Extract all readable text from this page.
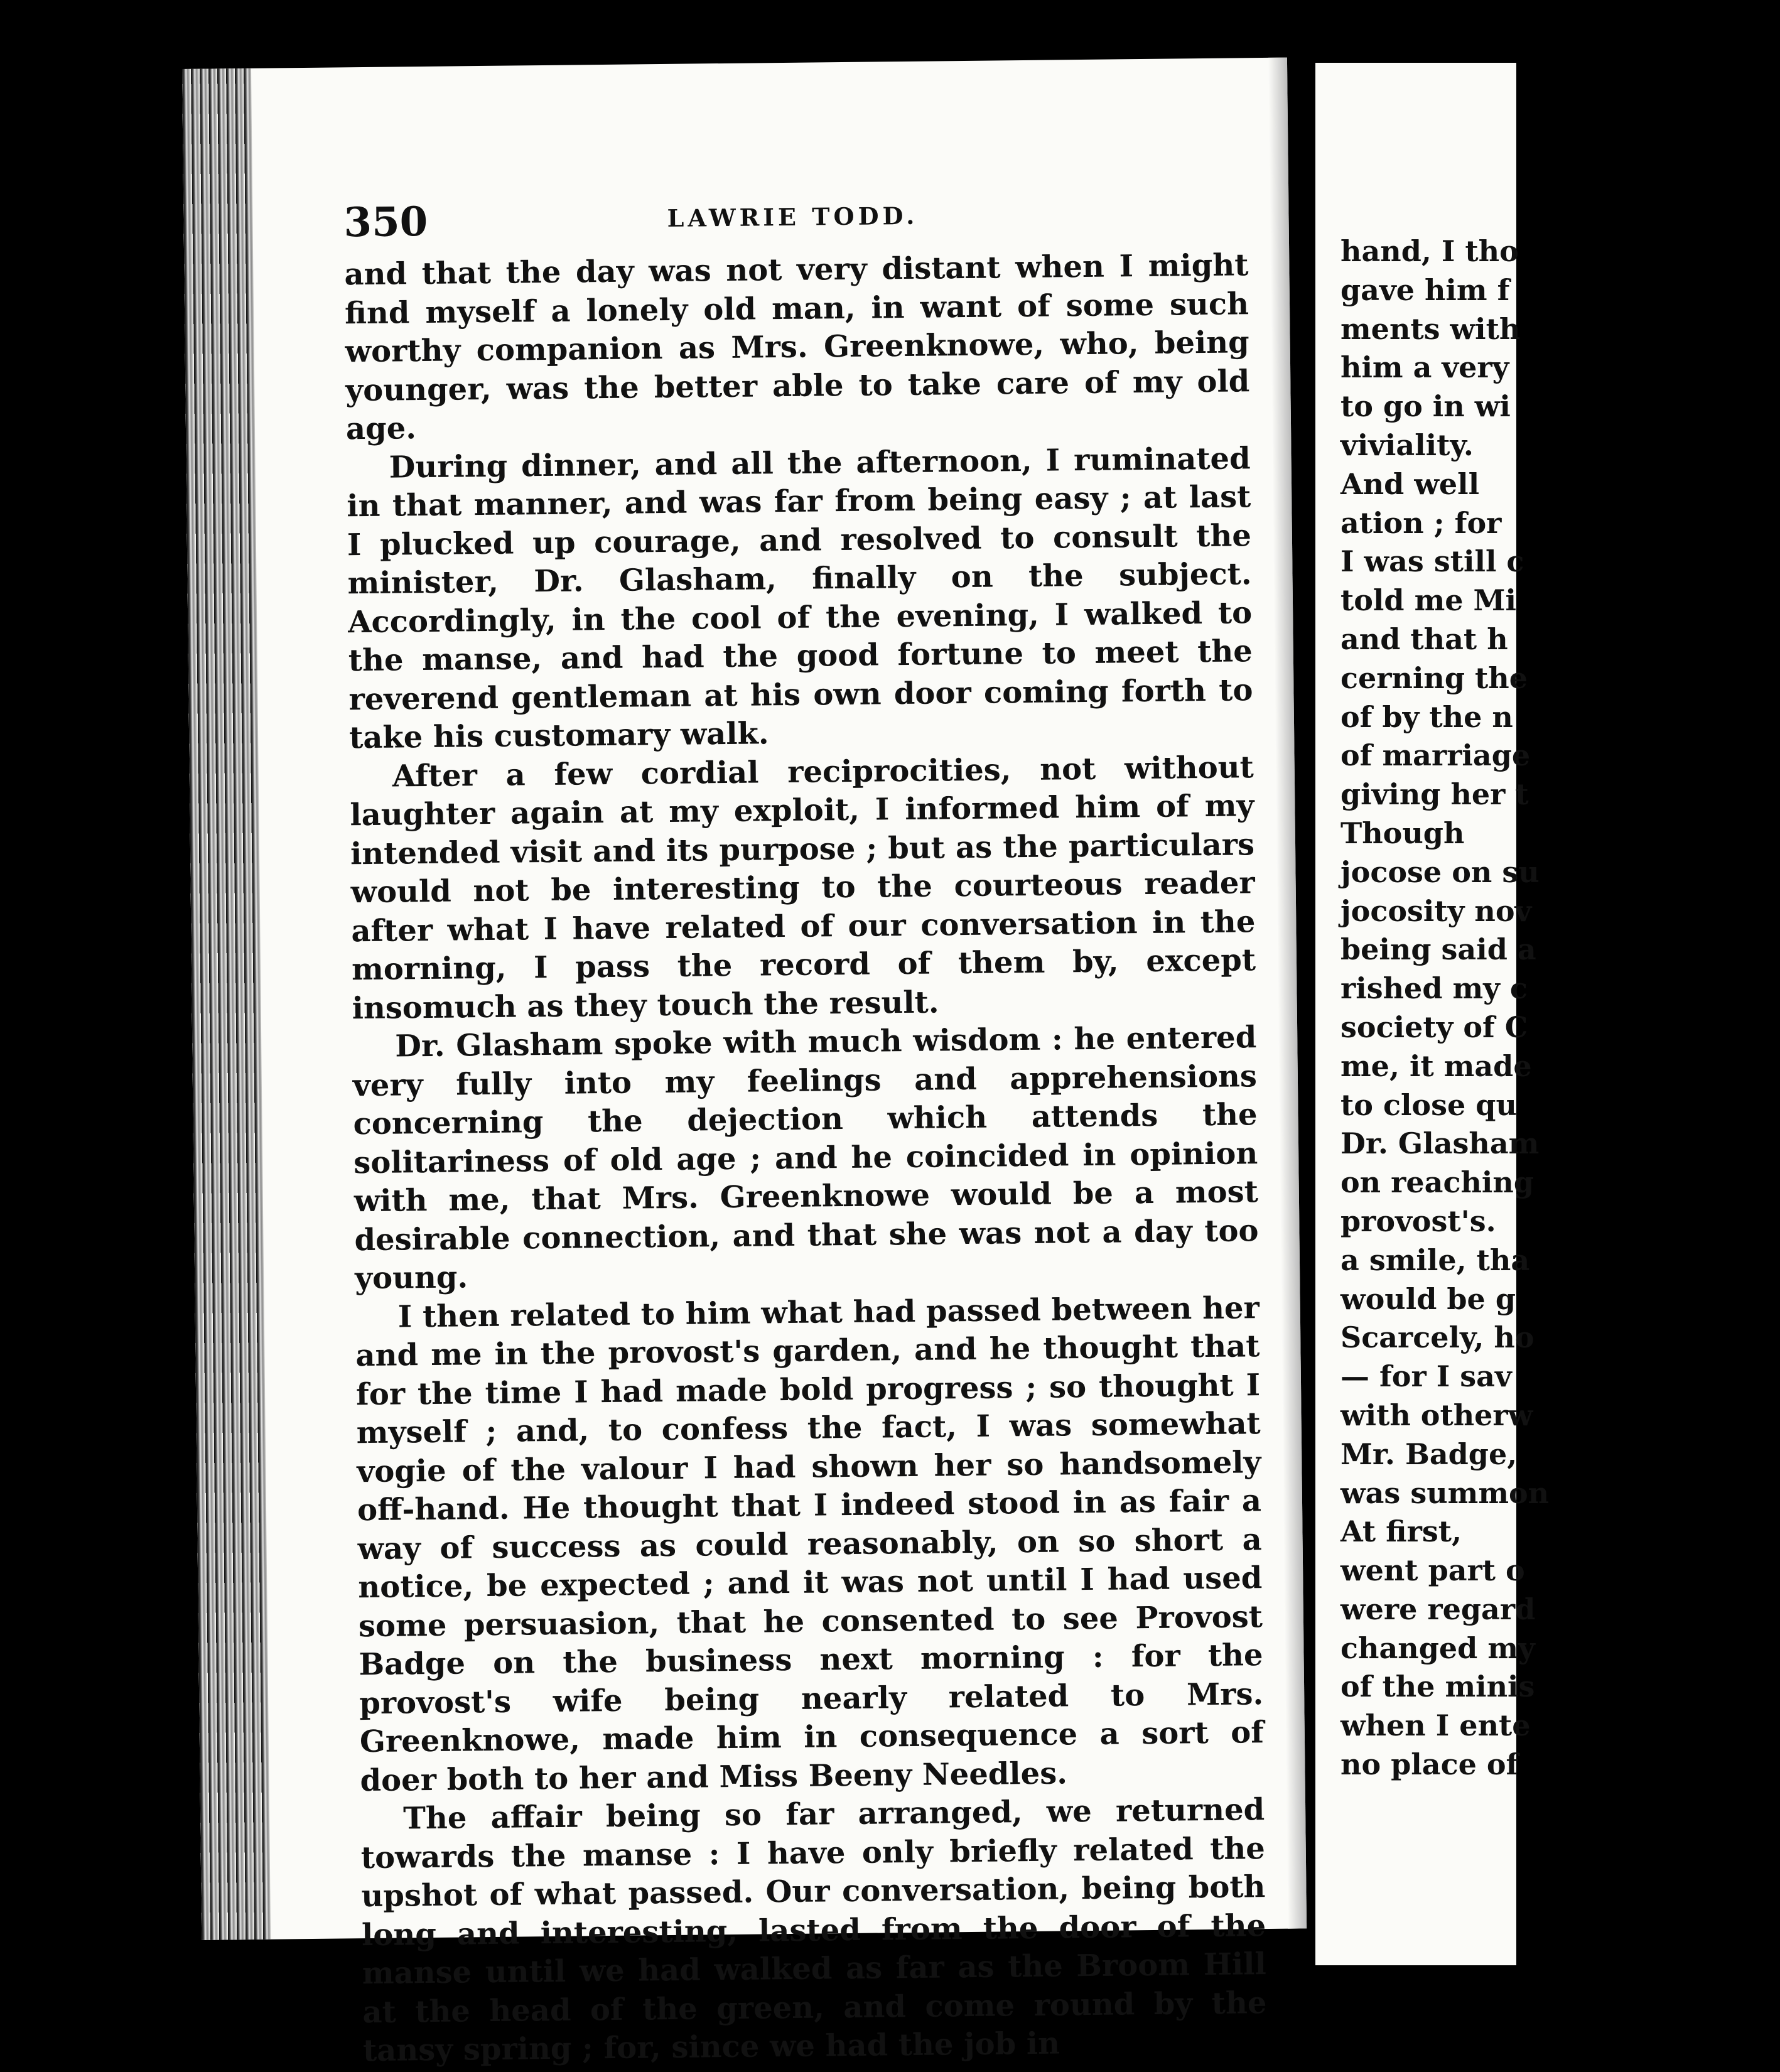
350	LAWRIE TODD.

and that the day was not very distant when I might find myself a lonely old man, in want of some such worthy companion as Mrs. Greenknowe, who, being younger, was the better able to take care of my old age.

During dinner, and all the afternoon, I ruminated in that manner, and was far from being easy ; at last I plucked up courage, and resolved to consult the minister, Dr. Glasham, finally on the subject. Accordingly, in the cool of the evening, I walked to the manse, and had the good fortune to meet the reverend gentleman at his own door coming forth to take his customary walk.

After a few cordial reciprocities, not without laughter again at my exploit, I informed him of my intended visit and its purpose ; but as the particulars would not be interesting to the courteous reader after what I have related of our conversation in the morning, I pass the record of them by, except insomuch as they touch the result.

Dr. Glasham spoke with much wisdom : he entered very fully into my feelings and apprehensions concerning the dejection which attends the solitariness of old age ; and he coincided in opinion with me, that Mrs. Greenknowe would be a most desirable connection, and that she was not a day too young.

I then related to him what had passed between her and me in the provost's garden, and he thought that for the time I had made bold progress ; so thought I myself ; and, to confess the fact, I was somewhat vogie of the valour I had shown her so handsomely off-hand. He thought that I indeed stood in as fair a way of success as could reasonably, on so short a notice, be expected ; and it was not until I had used some persuasion, that he consented to see Provost Badge on the business next morning : for the provost's wife being nearly related to Mrs. Greenknowe, made him in consequence a sort of doer both to her and Miss Beeny Needles.

The affair being so far arranged, we returned towards the manse : I have only briefly related the upshot of what passed. Our conversation, being both long and interesting, lasted from the door of the manse until we had walked as far as the Broom Hill at the head of the green, and come round by the tansy spring ; for, since we had the job in

hand, I tho
gave him f
ments with
him a very
to go in wi
viviality.
And well
ation ; for
I was still c
told me Mi
and that h
cerning the
of by the n
of marriage
giving her t
Though
jocose on su
jocosity nov
being said a
rished my c
society of C
me, it made
to close qu
Dr. Glasham
on reaching
provost's.
a smile, tha
would be g
Scarcely, ho
— for I sav
with otherw
Mr. Badge,
was summon
At first,
went part o
were regard
changed my
of the minis
when I ente
no place of
